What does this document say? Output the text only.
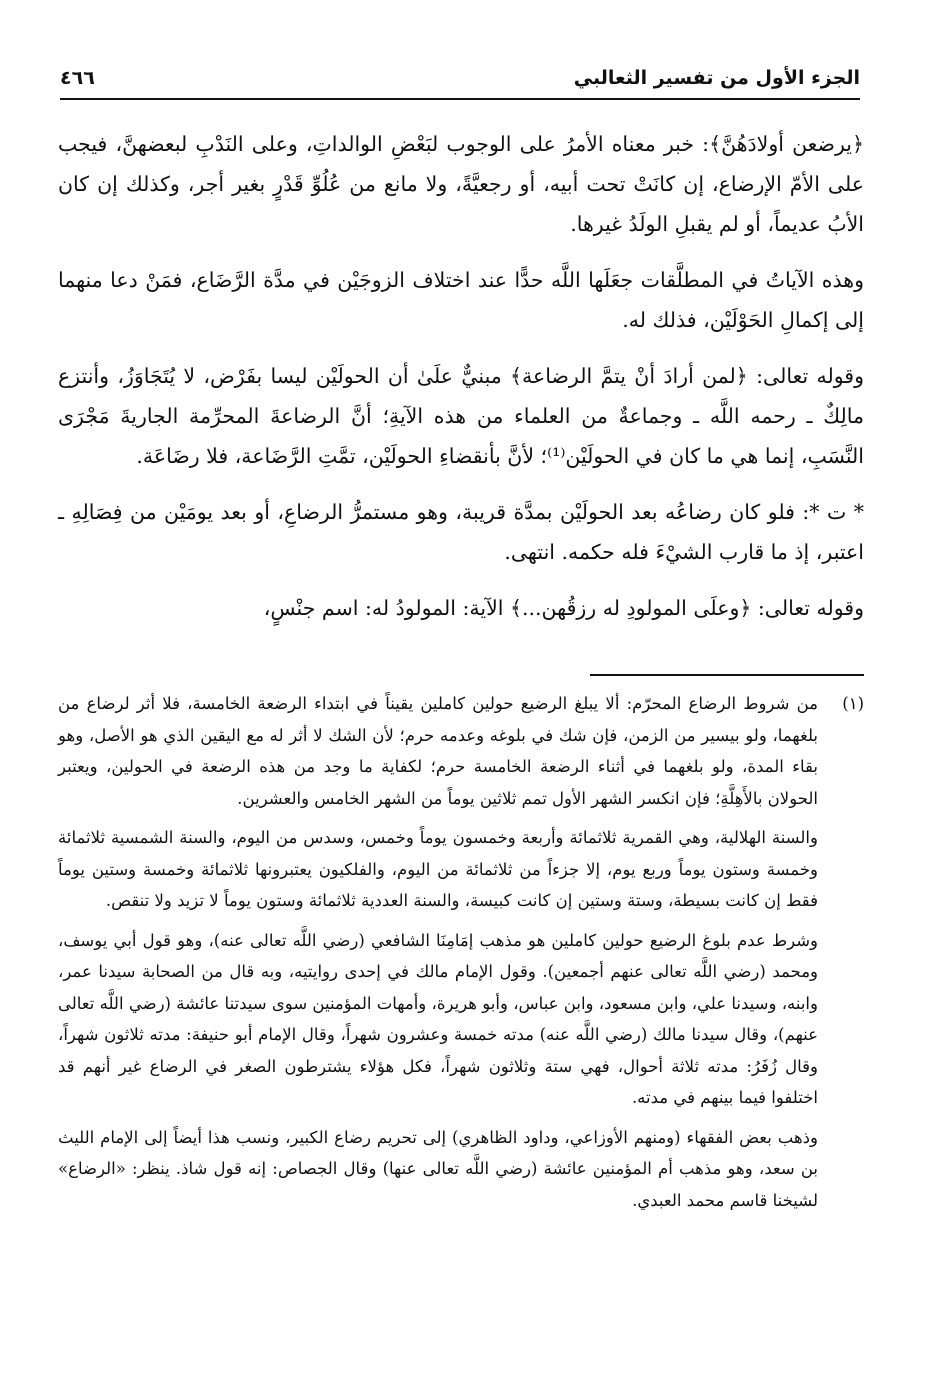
الجزء الأول من تفسير الثعالبي
٤٦٦

﴿يرضعن أولادَهُنَّ﴾: خبر معناه الأمرُ على الوجوب لبَعْضِ الوالداتِ، وعلى النَدْبِ لبعضهنَّ، فيجب على الأمّ الإرضاع، إن كانَتْ تحت أبيه، أو رجعيَّةً، ولا مانع من عُلُوِّ قَدْرٍ بغير أجر، وكذلك إن كان الأبُ عديماً، أو لم يقبلِ الولَدُ غيرها.

وهذه الآياتُ في المطلَّقات جعَلَها اللَّه حدًّا عند اختلاف الزوجَيْن في مدَّة الرَّضَاع، فمَنْ دعا منهما إلى إكمالِ الحَوْلَيْن، فذلك له.

وقوله تعالى: ﴿لمن أرادَ أنْ يتمَّ الرضاعة﴾ مبنيٌّ علَىٰ أن الحولَيْن ليسا بفَرْض، لا يُتَجَاوَزُ، وأنتزع مالِكٌ ـ رحمه اللَّه ـ وجماعةٌ من العلماء من هذه الآيةِ؛ أنَّ الرضاعةَ المحرِّمة الجاريةَ مَجْرَى النَّسَبِ، إنما هي ما كان في الحولَيْن⁽¹⁾؛ لأنَّ بأنقضاءِ الحولَيْن، تمَّتِ الرَّضَاعة، فلا رضَاعَة.

* ت *: فلو كان رضاعُه بعد الحولَيْن بمدَّة قريبة، وهو مستمرُّ الرضاعِ، أو بعد يومَيْن من فِصَالِهِ ـ اعتبر، إذ ما قارب الشيْءَ فله حكمه. انتهى.

وقوله تعالى: ﴿وعلَى المولودِ له رزقُهن...﴾ الآية: المولودُ له: اسم جنْسٍ،

(١)

من شروط الرضاع المحرّم: ألا يبلغ الرضيع حولين كاملين يقيناً في ابتداء الرضعة الخامسة، فلا أثر لرضاع من بلغهما، ولو بيسير من الزمن، فإن شك في بلوغه وعدمه حرم؛ لأن الشك لا أثر له مع اليقين الذي هو الأصل، وهو بقاء المدة، ولو بلغهما في أثناء الرضعة الخامسة حرم؛ لكفاية ما وجد من هذه الرضعة في الحولين، ويعتبر الحولان بالأَهِلَّةِ؛ فإن انكسر الشهر الأول تمم ثلاثين يوماً من الشهر الخامس والعشرين.

والسنة الهلالية، وهي القمرية ثلاثمائة وأربعة وخمسون يوماً وخمس، وسدس من اليوم، والسنة الشمسية ثلاثمائة وخمسة وستون يوماً وربع يوم، إلا جزءاً من ثلاثمائة من اليوم، والفلكيون يعتبرونها ثلاثمائة وخمسة وستين يوماً فقط إن كانت بسيطة، وستة وستين إن كانت كبيسة، والسنة العددية ثلاثمائة وستون يوماً لا تزيد ولا تنقص.

وشرط عدم بلوغ الرضيع حولين كاملين هو مذهب إمَامِنَا الشافعي (رضي اللَّه تعالى عنه)، وهو قول أبي يوسف، ومحمد (رضي اللَّه تعالى عنهم أجمعين). وقول الإمام مالك في إحدى روايتيه، وبه قال من الصحابة سيدنا عمر، وابنه، وسيدنا علي، وابن مسعود، وابن عباس، وأبو هريرة، وأمهات المؤمنين سوى سيدتنا عائشة (رضي اللَّه تعالى عنهم)، وقال سيدنا مالك (رضي اللَّه عنه) مدته خمسة وعشرون شهراً، وقال الإمام أبو حنيفة: مدته ثلاثون شهراً، وقال زُفَرُ: مدته ثلاثة أحوال، فهي ستة وثلاثون شهراً، فكل هؤلاء يشترطون الصغر في الرضاع غير أنهم قد اختلفوا فيما بينهم في مدته.

وذهب بعض الفقهاء (ومنهم الأوزاعي، وداود الظاهري) إلى تحريم رضاع الكبير، ونسب هذا أيضاً إلى الإمام الليث بن سعد، وهو مذهب أم المؤمنين عائشة (رضي اللَّه تعالى عنها) وقال الجصاص: إنه قول شاذ. ينظر: «الرضاع» لشيخنا قاسم محمد العبدي.
